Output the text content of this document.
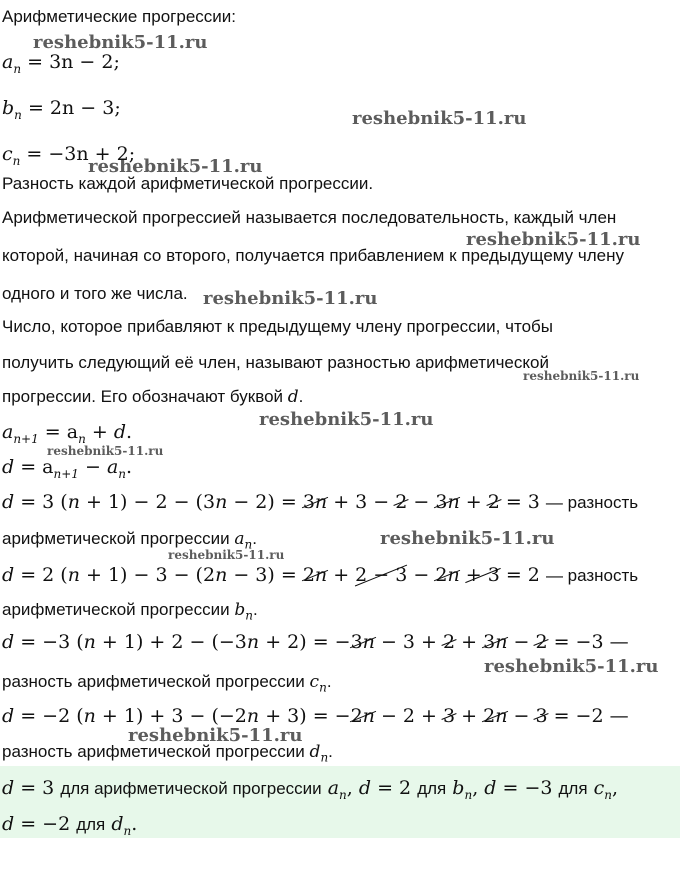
reshebnik5-11.ru
reshebnik5-11.ru
reshebnik5-11.ru
reshebnik5-11.ru
reshebnik5-11.ru
reshebnik5-11.ru
reshebnik5-11.ru
reshebnik5-11.ru
reshebnik5-11.ru
reshebnik5-11.ru
reshebnik5-11.ru
reshebnik5-11.ru
Арифметические прогрессии:
$a_n = 3n - 2$;
$b_n = 2n - 3$;
$c_n = -3n + 2$;
Разность каждой арифметической прогрессии.
Арифметической прогрессией называется последовательность, каждый член
которой, начиная со второго, получается прибавлением к предыдущему члену
одного и того же числа.
Число, которое прибавляют к предыдущему члену прогрессии, чтобы
получить следующий её член, называют разностью арифметической
прогрессии. Его обозначают буквой d.
$a_{n+1} = a_n + d$.
$d = a_{n+1} - a_n$.
d = 3 (n + 1) − 2 − (3n − 2) = 3n + 3 − 2 − 3n + 2 = 3 — разность
арифметической прогрессии $a_n$.
d = 2 (n + 1) − 3 − (2n − 3) = 2n + 2 − 3 − 2n + 3 = 2 — разность
арифметической прогрессии $b_n$.
d = −3 (n + 1) + 2 − (−3n + 2) = −3n − 3 + 2 + 3n − 2 = −3 —
разность арифметической прогрессии $c_n$.
d = −2 (n + 1) + 3 − (−2n + 3) = −2n − 2 + 3 + 2n − 3 = −2 —
разность арифметической прогрессии $d_n$.
d = 3 для арифметической прогрессии $a_n$, d = 2 для $b_n$, d = −3 для $c_n$,
d = −2 для $d_n$.
